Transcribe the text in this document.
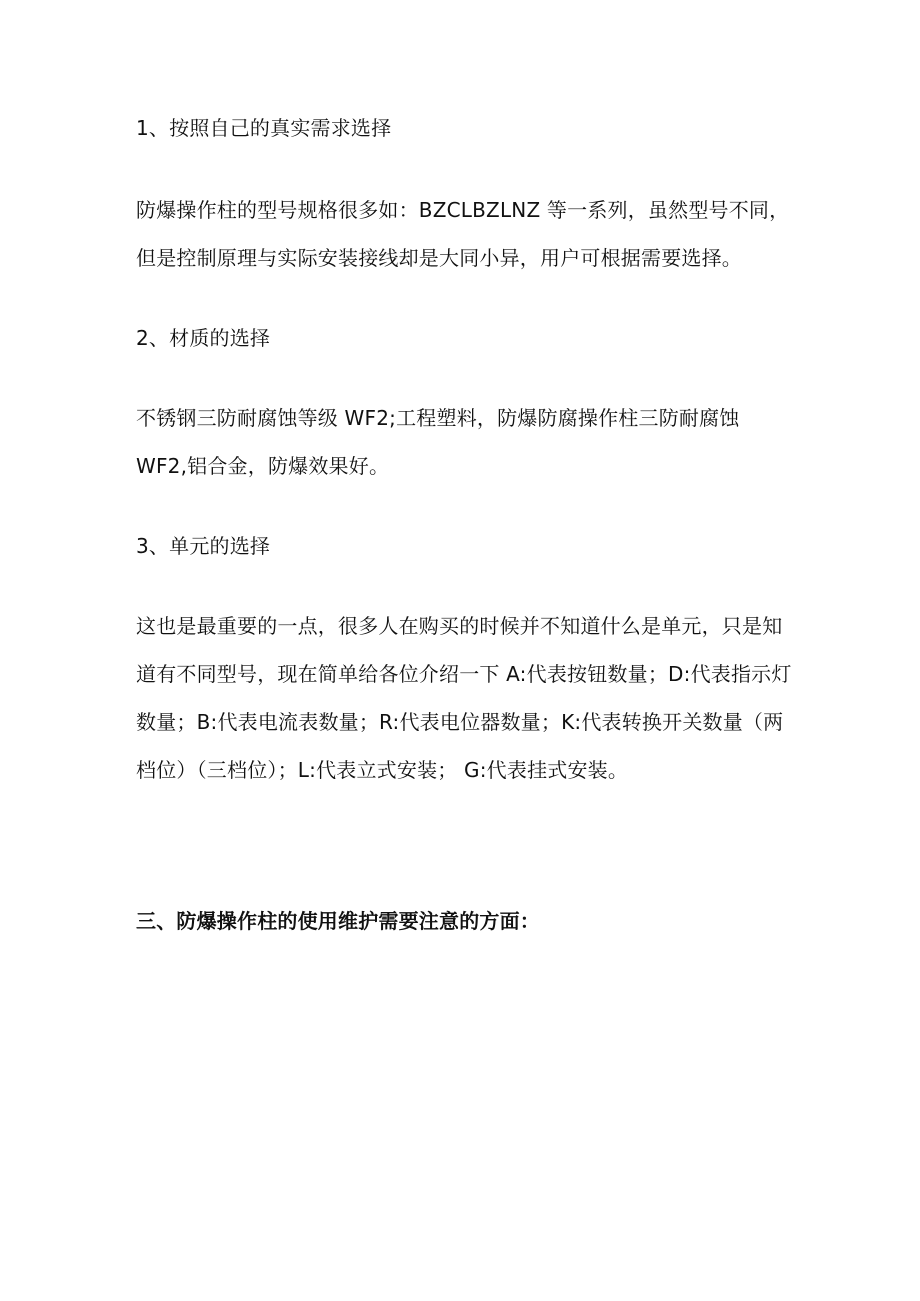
1、按照自己的真实需求选择
防爆操作柱的型号规格很多如：BZCLBZLNZ 等一系列，虽然型号不同，
但是控制原理与实际安装接线却是大同小异，用户可根据需要选择。
2、材质的选择
不锈钢三防耐腐蚀等级 WF2;工程塑料，防爆防腐操作柱三防耐腐蚀
WF2,铝合金，防爆效果好。
3、单元的选择
这也是最重要的一点，很多人在购买的时候并不知道什么是单元，只是知
道有不同型号，现在简单给各位介绍一下 A:代表按钮数量；D:代表指示灯
数量；B:代表电流表数量；R:代表电位器数量；K:代表转换开关数量（两
档位）（三档位）；L:代表立式安装； G:代表挂式安装。
三、防爆操作柱的使用维护需要注意的方面：
